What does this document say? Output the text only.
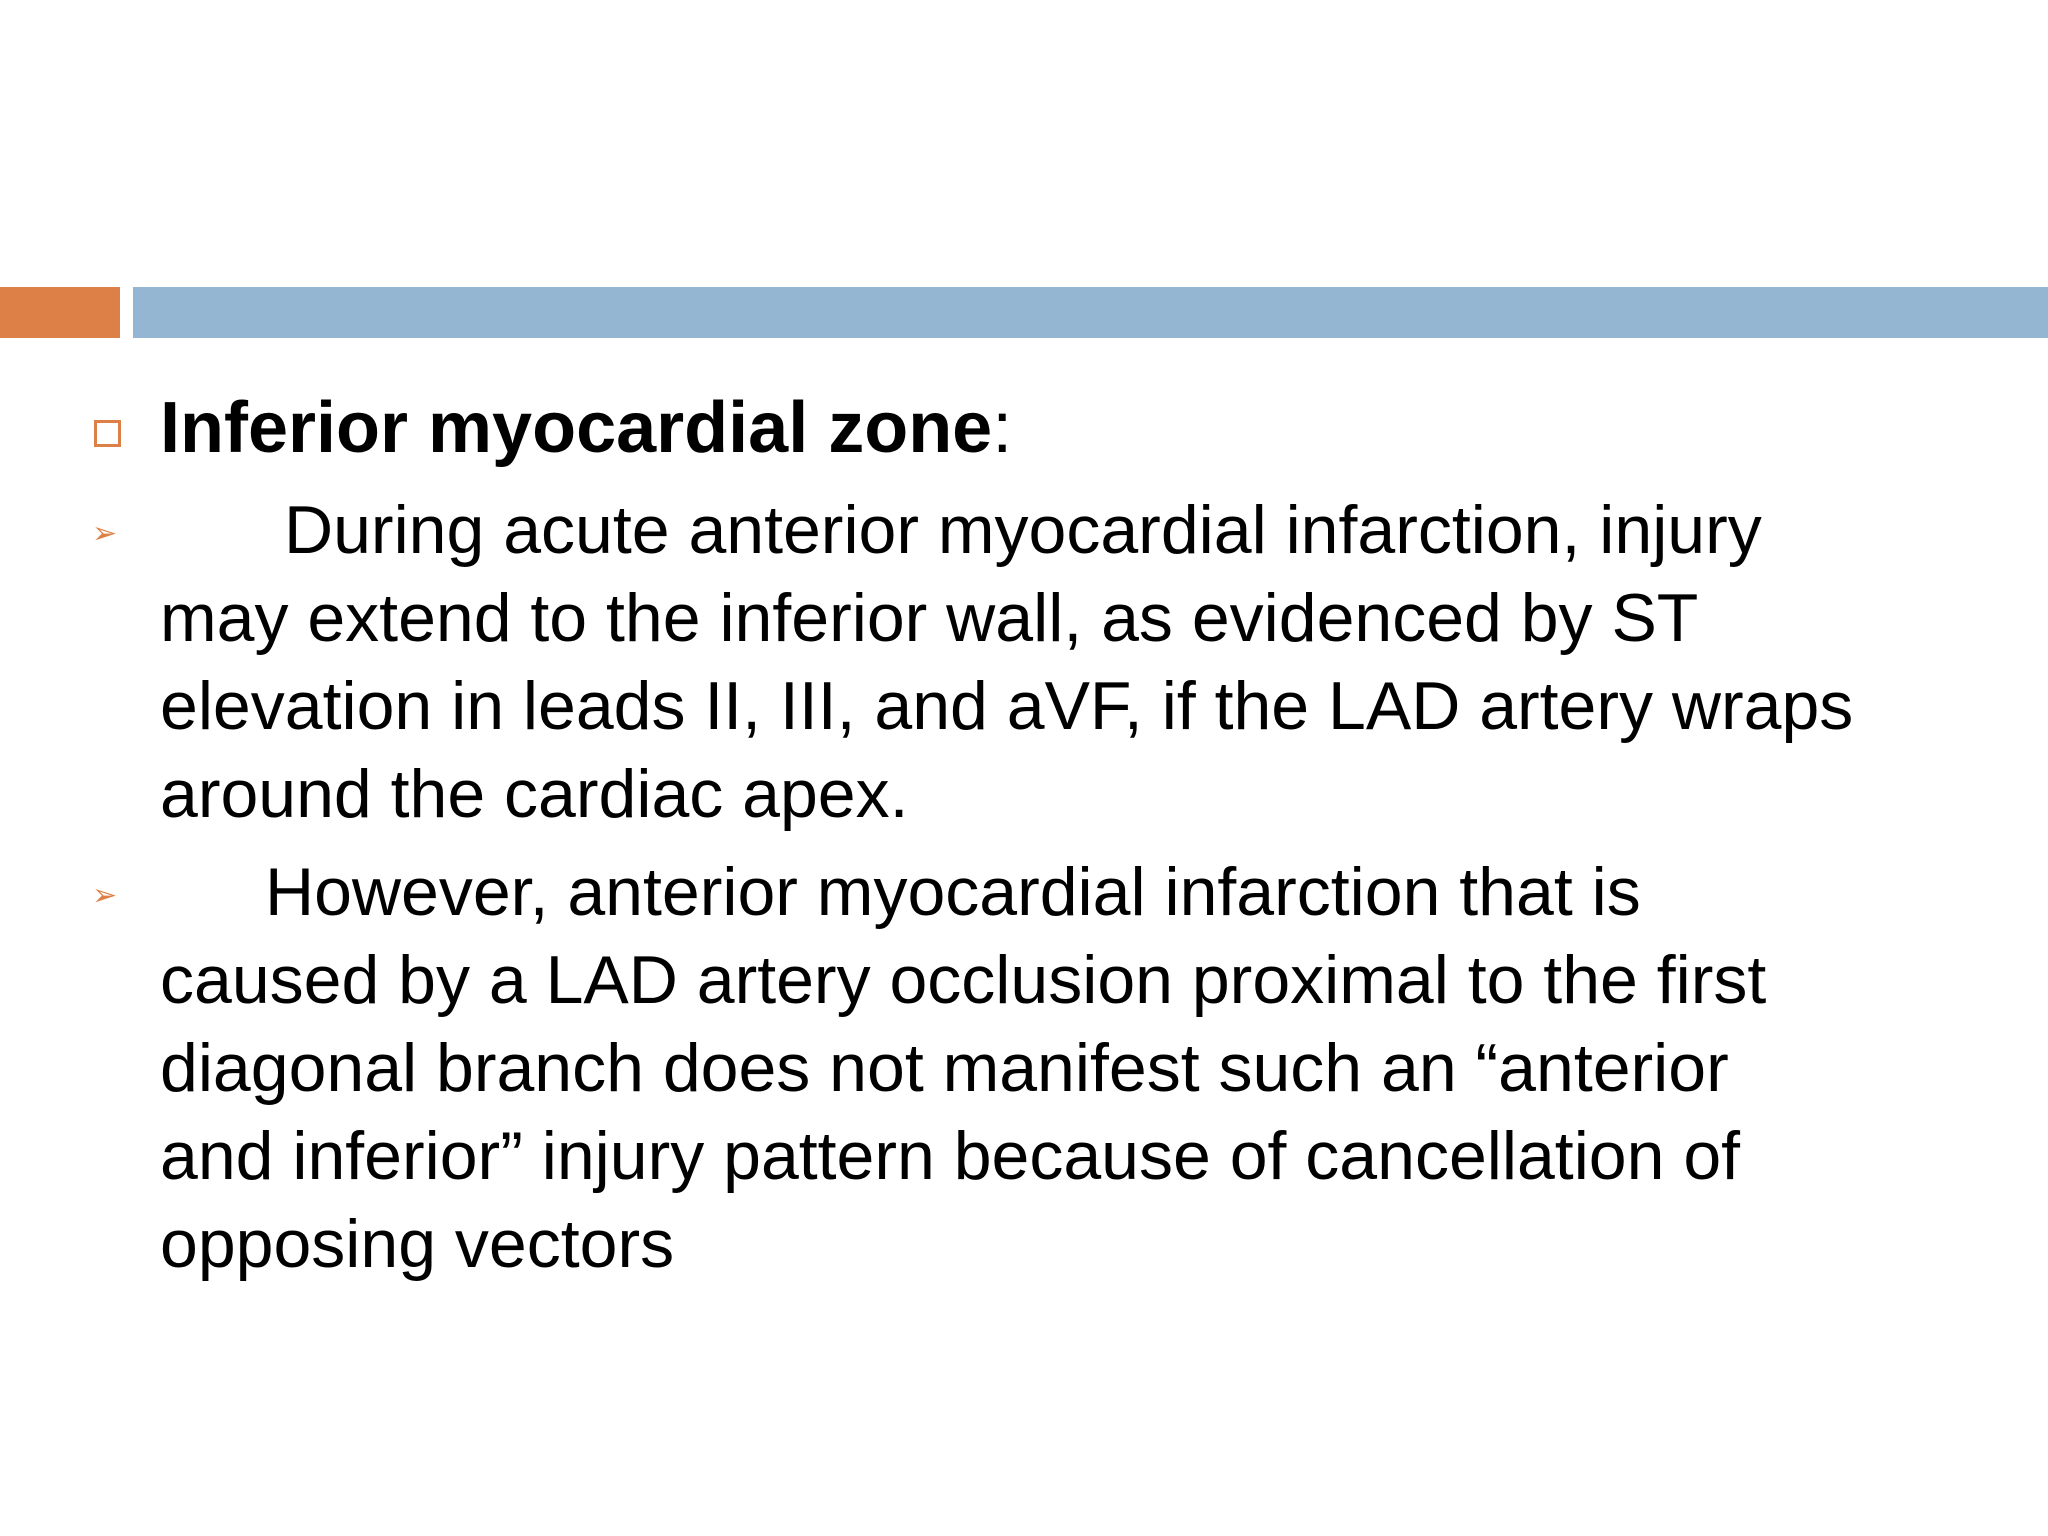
Inferior myocardial zone:
➢	During acute anterior myocardial infarction, injury may extend to the inferior wall, as evidenced by ST elevation in leads II, III, and aVF, if the LAD artery wraps around the cardiac apex.
➢	However, anterior myocardial infarction that is caused by a LAD artery occlusion proximal to the first diagonal branch does not manifest such an “anterior and inferior” injury pattern because of cancellation of opposing vectors
